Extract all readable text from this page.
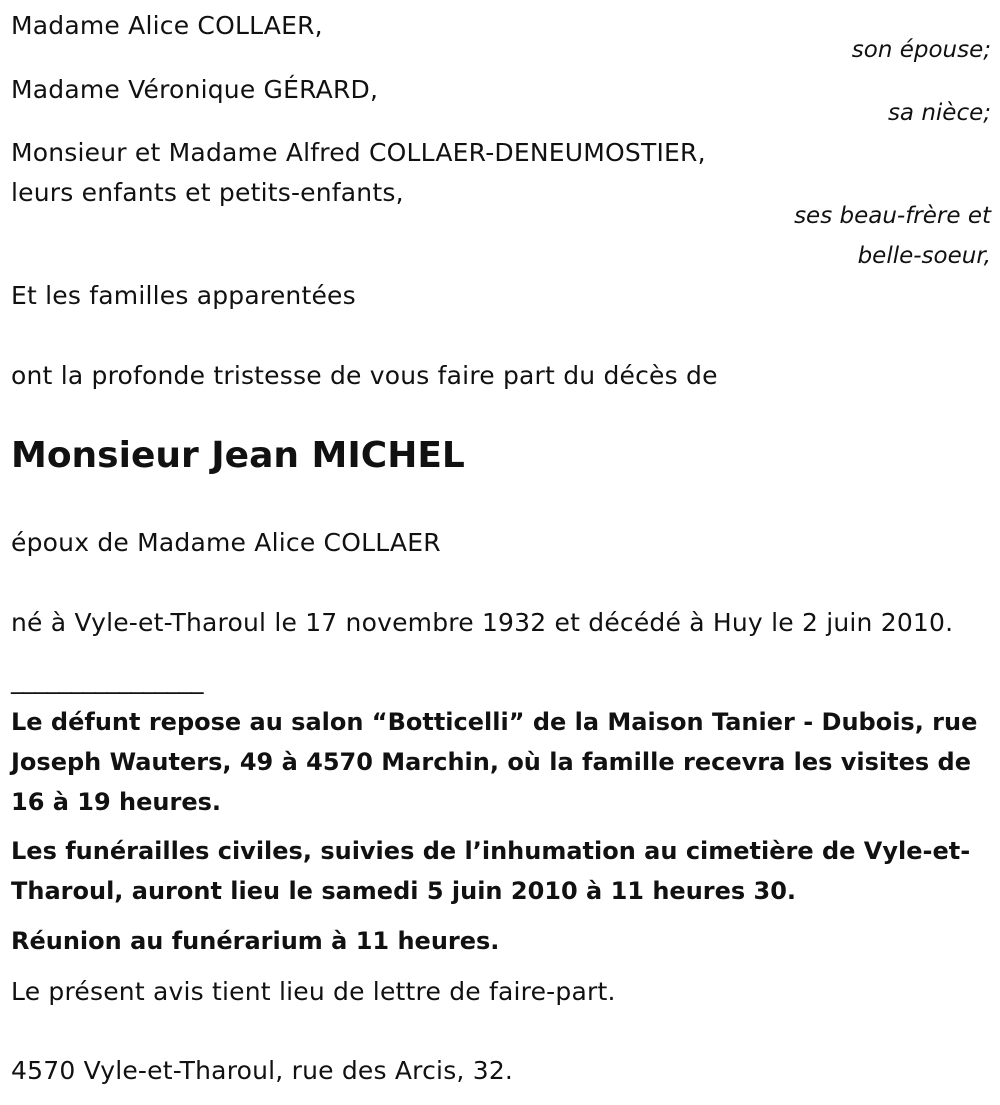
Madame Alice COLLAER,
son épouse;
Madame Véronique GÉRARD,
sa nièce;
Monsieur et Madame Alfred COLLAER-DENEUMOSTIER,
leurs enfants et petits-enfants,
ses beau-frère et
belle-soeur,
Et les familles apparentées
ont la profonde tristesse de vous faire part du décès de
Monsieur Jean MICHEL
époux de Madame Alice COLLAER
né à Vyle-et-Tharoul le 17 novembre 1932 et décédé à Huy le 2 juin 2010.
________________
Le défunt repose au salon “Botticelli” de la Maison Tanier - Dubois, rue Joseph Wauters, 49 à 4570 Marchin, où la famille recevra les visites de 16 à 19 heures.
Les funérailles civiles, suivies de l’inhumation au cimetière de Vyle-et-Tharoul, auront lieu le samedi 5 juin 2010 à 11 heures 30.
Réunion au funérarium à 11 heures.
Le présent avis tient lieu de lettre de faire-part.
4570 Vyle-et-Tharoul, rue des Arcis, 32.
